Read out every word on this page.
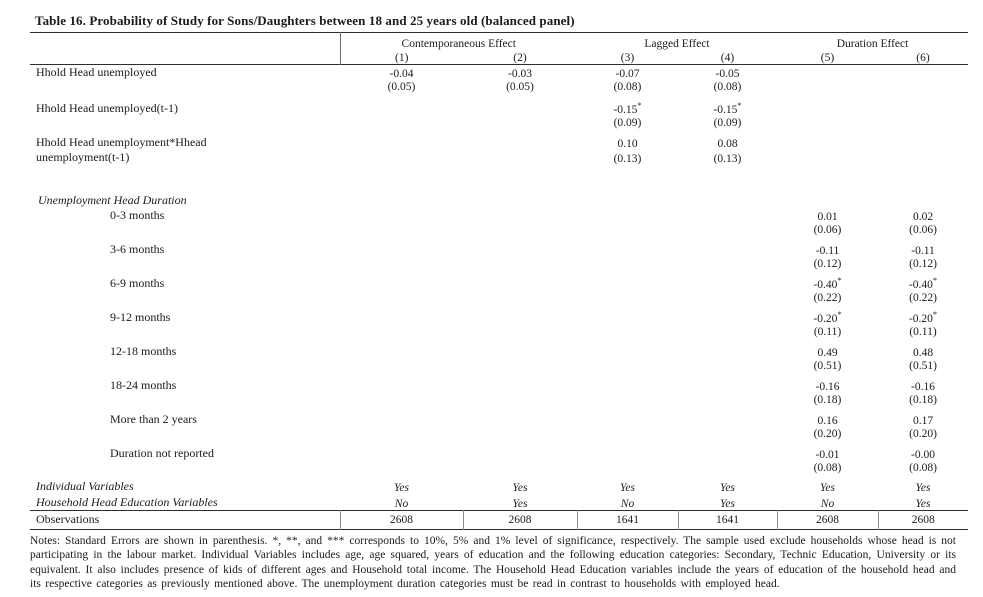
Table 16. Probability of Study for Sons/Daughters between 18 and 25 years old (balanced panel)
	Contemporaneous Effect		Lagged Effect		Duration Effect	
	(1)	(2)	(3)	(4)	(5)	(6)
Hhold Head unemployed	-0.04	-0.03	-0.07	-0.05		
	(0.05)	(0.05)	(0.08)	(0.08)		

Hhold Head unemployed(t-1)			-0.15*	-0.15*		
			(0.09)	(0.09)		

Hhold Head unemployment*Hhead			0.10	0.08		
unemployment(t-1)			(0.13)	(0.13)		

Unemployment Head Duration						
0-3 months					0.01	0.02
					(0.06)	(0.06)

3-6 months					-0.11	-0.11
					(0.12)	(0.12)

6-9 months					-0.40*	-0.40*
					(0.22)	(0.22)

9-12 months					-0.20*	-0.20*
					(0.11)	(0.11)

12-18 months					0.49	0.48
					(0.51)	(0.51)

18-24 months					-0.16	-0.16
					(0.18)	(0.18)

More than 2 years					0.16	0.17
					(0.20)	(0.20)

Duration not reported					-0.01	-0.00
					(0.08)	(0.08)

Individual Variables	Yes	Yes	Yes	Yes	Yes	Yes
Household Head Education Variables	No	Yes	No	Yes	No	Yes
Observations	2608	2608	1641	1641	2608	2608

Notes: Standard Errors are shown in parenthesis. *, **, and *** corresponds to 10%, 5% and 1% level of significance, respectively. The sample used exclude households whose head is not participating in the labour market. Individual Variables includes age, age squared, years of education and the following education categories: Secondary, Technic Education, University or its equivalent. It also includes presence of kids of different ages and Household total income. The Household Head Education variables include the years of education of the household head and its respective categories as previously mentioned above. The unemployment duration categories must be read in contrast to households with employed head.
